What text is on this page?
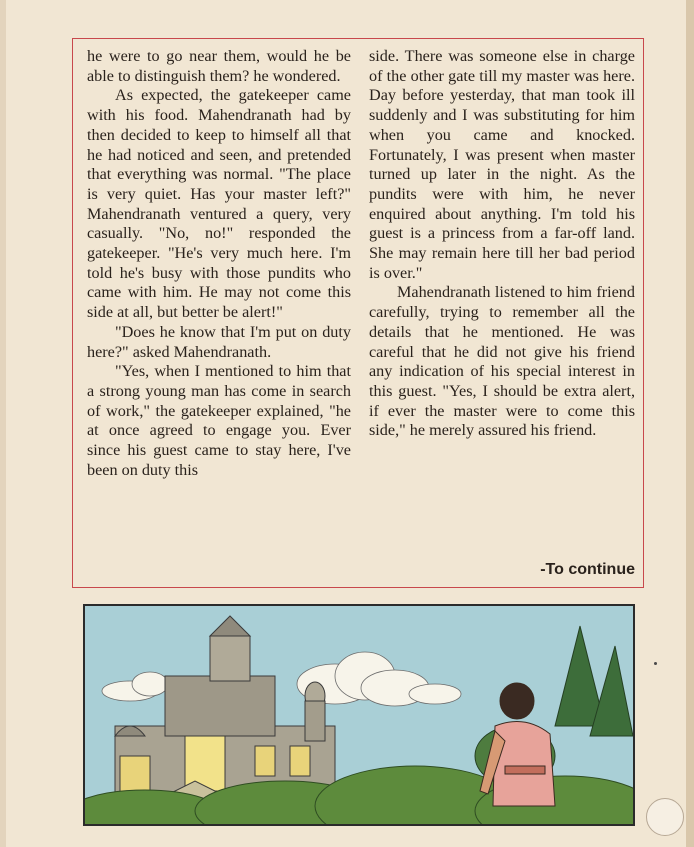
he were to go near them, would he be able to distinguish them? he wondered.

As expected, the gatekeeper came with his food. Mahendranath had by then decided to keep to himself all that he had noticed and seen, and pretended that everything was normal. "The place is very quiet. Has your master left?" Mahendranath ventured a query, very casually. "No, no!" responded the gatekeeper. "He's very much here. I'm told he's busy with those pundits who came with him. He may not come this side at all, but better be alert!"

"Does he know that I'm put on duty here?" asked Mahendranath.

"Yes, when I mentioned to him that a strong young man has come in search of work," the gatekeeper explained, "he at once agreed to engage you. Ever since his guest came to stay here, I've been on duty this

side. There was someone else in charge of the other gate till my master was here. Day before yesterday, that man took ill suddenly and I was substituting for him when you came and knocked. Fortunately, I was present when master turned up later in the night. As the pundits were with him, he never enquired about anything. I'm told his guest is a princess from a far-off land. She may remain here till her bad period is over."

Mahendranath listened to him friend carefully, trying to remember all the details that he mentioned. He was careful that he did not give his friend any indication of his special interest in this guest. "Yes, I should be extra alert, if ever the master were to come this side," he merely assured his friend.

-To continue
